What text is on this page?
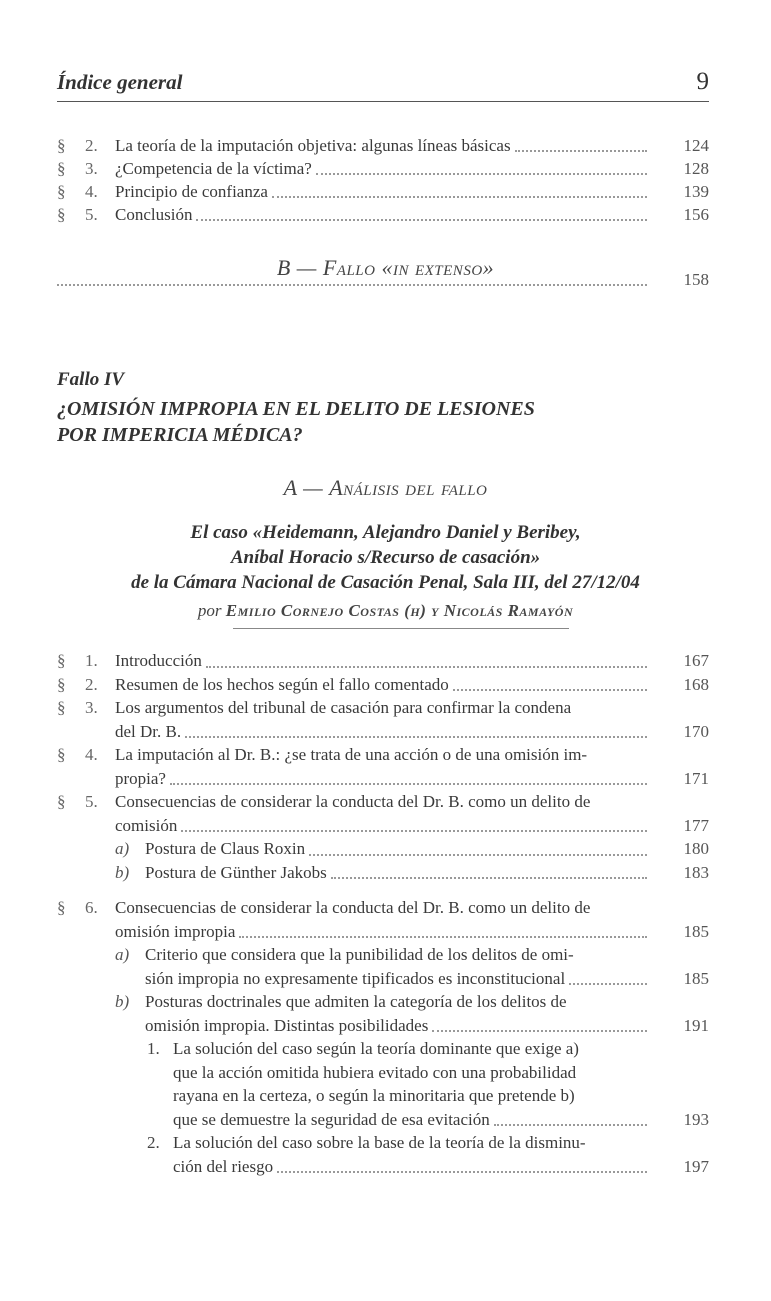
Índice general	9
§	2.	La teoría de la imputación objetiva: algunas líneas básicas	124
§	3.	¿Competencia de la víctima?	128
§	4.	Principio de confianza	139
§	5.	Conclusión	156
B — Fallo «in extenso»	158
Fallo IV
¿OMISIÓN IMPROPIA EN EL DELITO DE LESIONES
POR IMPERICIA MÉDICA?
A — Análisis del fallo
El caso «Heidemann, Alejandro Daniel y Beribey,
Aníbal Horacio s/Recurso de casación»
de la Cámara Nacional de Casación Penal, Sala III, del 27/12/04
por Emilio Cornejo Costas (h) y Nicolás Ramayón
§	1.	Introducción	167
§	2.	Resumen de los hechos según el fallo comentado	168
§	3.	Los argumentos del tribunal de casación para confirmar la condena
del Dr. B.	170
§	4.	La imputación al Dr. B.: ¿se trata de una acción o de una omisión im-
propia?	171
§	5.	Consecuencias de considerar la conducta del Dr. B. como un delito de
comisión	177
a) Postura de Claus Roxin	180
b) Postura de Günther Jakobs	183
§	6.	Consecuencias de considerar la conducta del Dr. B. como un delito de
omisión impropia	185
a) Criterio que considera que la punibilidad de los delitos de omi-
sión impropia no expresamente tipificados es inconstitucional	185
b) Posturas doctrinales que admiten la categoría de los delitos de
omisión impropia. Distintas posibilidades	191
1. La solución del caso según la teoría dominante que exige a)
que la acción omitida hubiera evitado con una probabilidad
rayana en la certeza, o según la minoritaria que pretende b)
que se demuestre la seguridad de esa evitación	193
2. La solución del caso sobre la base de la teoría de la disminu-
ción del riesgo	197
